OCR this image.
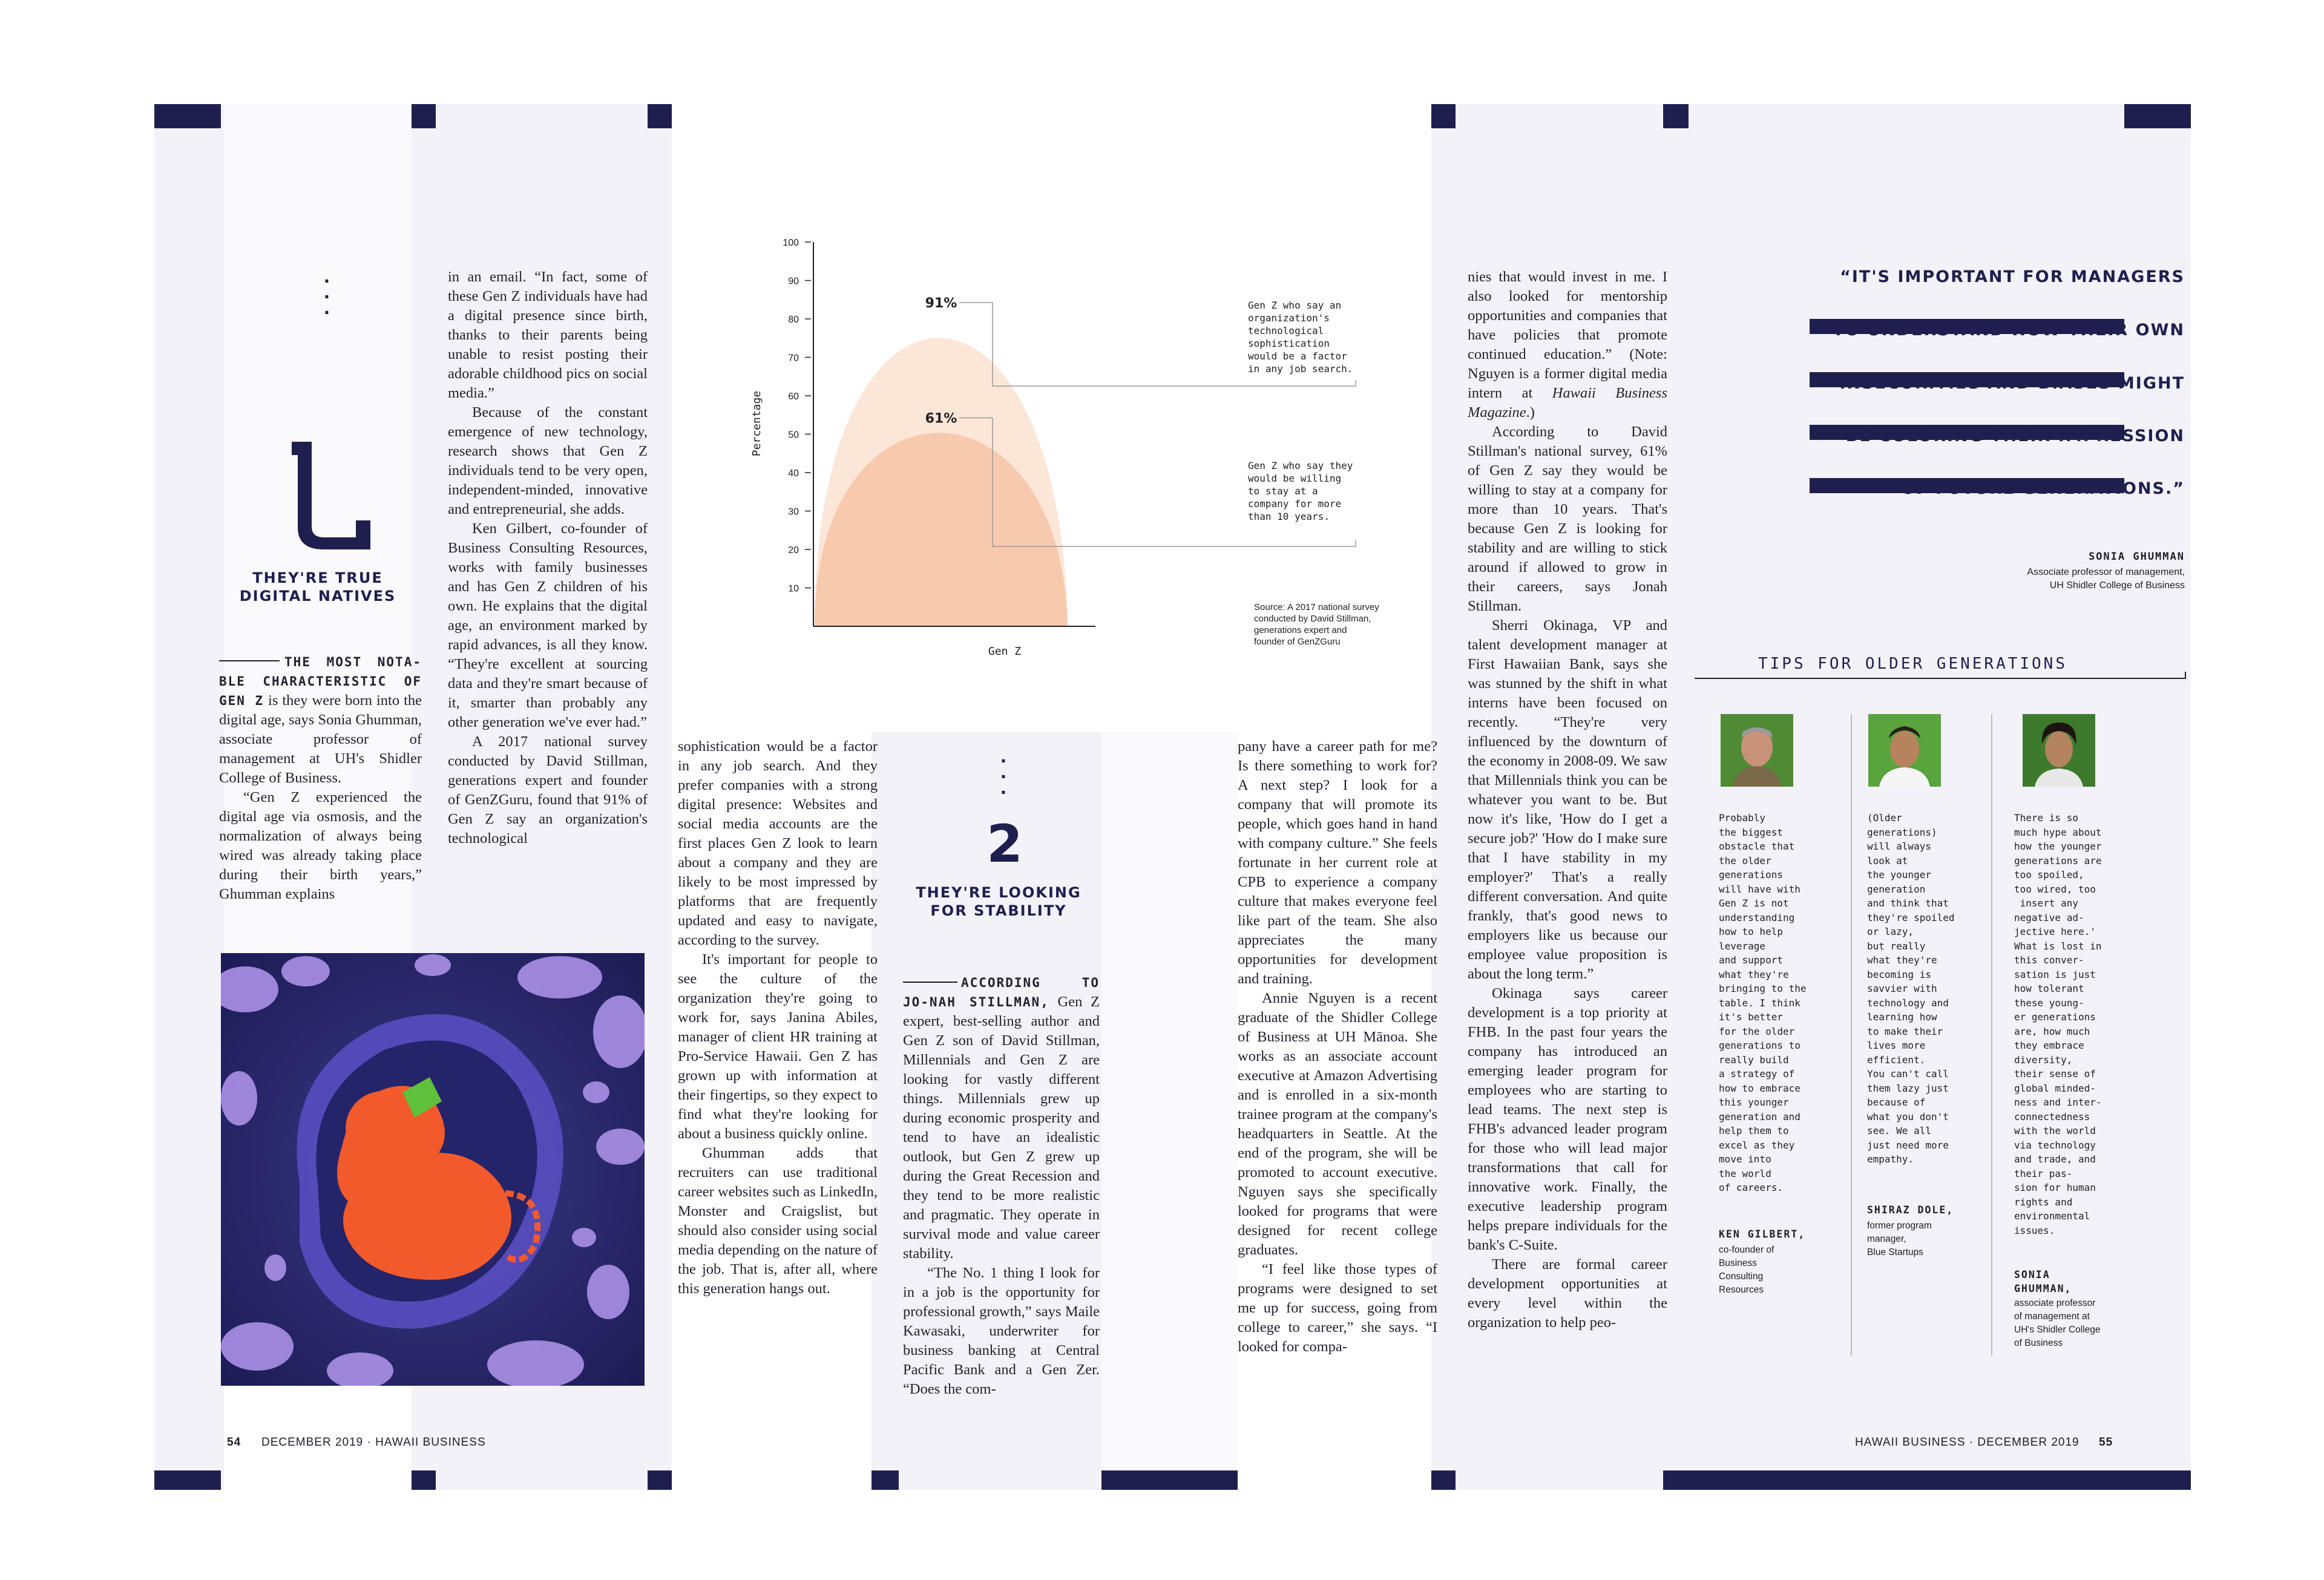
·
·
·
THEY'RE TRUE
DIGITAL NATIVES

THE MOST NOTA-BLE CHARACTERISTIC OF GEN Z is they were born into the digital age, says Sonia Ghumman, associate professor of management at UH's Shidler College of Business.

“Gen Z experienced the digital age via osmosis, and the normalization of always being wired was already taking place during their birth years,” Ghumman explains

in an email. “In fact, some of these Gen Z individuals have had a digital presence since birth, thanks to their parents being unable to resist posting their adorable childhood pics on social media.”

Because of the constant emergence of new technology, research shows that Gen Z individuals tend to be very open, independent-minded, innovative and entrepreneurial, she adds.

Ken Gilbert, co-founder of Business Consulting Resources, works with family businesses and has Gen Z children of his own. He explains that the digital age, an environment marked by rapid advances, is all they know. “They're excellent at sourcing data and they're smart because of it, smarter than probably any other generation we've ever had.”

A 2017 national survey conducted by David Stillman, generations expert and founder of GenZGuru, found that 91% of Gen Z say an organization's technological

10
20
30
40
50
60
70
80
90
100
91%	Gen Z who say an
organization's
technological
sophistication
would be a factor
in any job search.
61%
Gen Z who say they
would be willing
to stay at a
company for more
than 10 years.
Gen Z
Percentage
Source: A 2017 national survey
conducted by David Stillman,
generations expert and
founder of GenZGuru

sophistication would be a factor in any job search. And they prefer companies with a strong digital presence: Websites and social media accounts are the first places Gen Z look to learn about a company and they are likely to be most impressed by platforms that are frequently updated and easy to navigate, according to the survey.

It's important for people to see the culture of the organization they're going to work for, says Janina Abiles, manager of client HR training at Pro-Service Hawaii. Gen Z has grown up with information at their fingertips, so they expect to find what they're looking for about a business quickly online.

Ghumman adds that recruiters can use traditional career websites such as LinkedIn, Monster and Craigslist, but should also consider using social media depending on the nature of the job. That is, after all, where this generation hangs out.

·
·
·
2
THEY'RE LOOKING
FOR STABILITY

ACCORDING TO JO-NAH STILLMAN, Gen Z expert, best-selling author and Gen Z son of David Stillman, Millennials and Gen Z are looking for vastly different things. Millennials grew up during economic prosperity and tend to have an idealistic outlook, but Gen Z grew up during the Great Recession and they tend to be more realistic and pragmatic. They operate in survival mode and value career stability.

“The No. 1 thing I look for in a job is the opportunity for professional growth,” says Maile Kawasaki, underwriter for business banking at Central Pacific Bank and a Gen Zer. “Does the com-

pany have a career path for me? Is there something to work for? A next step? I look for a company that will promote its people, which goes hand in hand with company culture.” She feels fortunate in her current role at CPB to experience a company culture that makes everyone feel like part of the team. She also appreciates the many opportunities for development and training.

Annie Nguyen is a recent graduate of the Shidler College of Business at UH Mānoa. She works as an associate account executive at Amazon Advertising and is enrolled in a six-month trainee program at the company's headquarters in Seattle. At the end of the program, she will be promoted to account executive. Nguyen says she specifically looked for programs that were designed for recent college graduates.

“I feel like those types of programs were designed to set me up for success, going from college to career,” she says. “I looked for compa-

54 DECEMBER 2019 · HAWAII BUSINESS

nies that would invest in me. I also looked for mentorship opportunities and companies that have policies that promote continued education.” (Note: Nguyen is a former digital media intern at Hawaii Business Magazine.)

According to David Stillman's national survey, 61% of Gen Z say they would be willing to stay at a company for more than 10 years. That's because Gen Z is looking for stability and are willing to stick around if allowed to grow in their careers, says Jonah Stillman.

Sherri Okinaga, VP and talent development manager at First Hawaiian Bank, says she was stunned by the shift in what interns have been focused on recently. “They're very influenced by the downturn of the economy in 2008-09. We saw that Millennials think you can be whatever you want to be. But now it's like, 'How do I get a secure job?' 'How do I make sure that I have stability in my employer?' That's a really different conversation. And quite frankly, that's good news to employers like us because our employee value proposition is about the long term.”

Okinaga says career development is a top priority at FHB. In the past four years the company has introduced an emerging leader program for employees who are starting to lead teams. The next step is FHB's advanced leader program for those who will lead major transformations that call for innovative work. Finally, the executive leadership program helps prepare individuals for the bank's C-Suite.

There are formal career development opportunities at every level within the organization to help peo-

“IT'S IMPORTANT FOR MANAGERS
TO UNDERSTAND HOW THEIR OWN
INSECURITIES AND BIASES MIGHT
BE COLORING THEIR IMPRESSION
OF FUTURE GENERATIONS.”
SONIA GHUMMAN
Associate professor of management,
UH Shidler College of Business
TIPS FOR OLDER GENERATIONS
Probably
the biggest
obstacle that
the older
generations
will have with
Gen Z is not
understanding
how to help
leverage
and support
what they're
bringing to the
table. I think
it's better
for the older
generations to
really build
a strategy of
how to embrace
this younger
generation and
help them to
excel as they
move into
the world
of careers.
KEN GILBERT,
co-founder of
Business
Consulting
Resources
(Older
generations)
will always
look at
the younger
generation
and think that
they're spoiled
or lazy,
but really
what they're
becoming is
savvier with
technology and
learning how
to make their
lives more
efficient.
You can't call
them lazy just
because of
what you don't
see. We all
just need more
empathy.
SHIRAZ DOLE,
former program
manager,
Blue Startups
There is so
much hype about
how the younger
generations are
too spoiled,
too wired, too
insert any
negative ad-
jective here.'
What is lost in
this conver-
sation is just
how tolerant
these young-
er generations
are, how much
they embrace
diversity,
their sense of
global minded-
ness and inter-
connectedness
with the world
via technology
and trade, and
their pas-
sion for human
rights and
environmental
issues.
SONIA
GHUMMAN,
associate professor
of management at
UH's Shidler College
of Business
HAWAII BUSINESS · DECEMBER 2019 55
